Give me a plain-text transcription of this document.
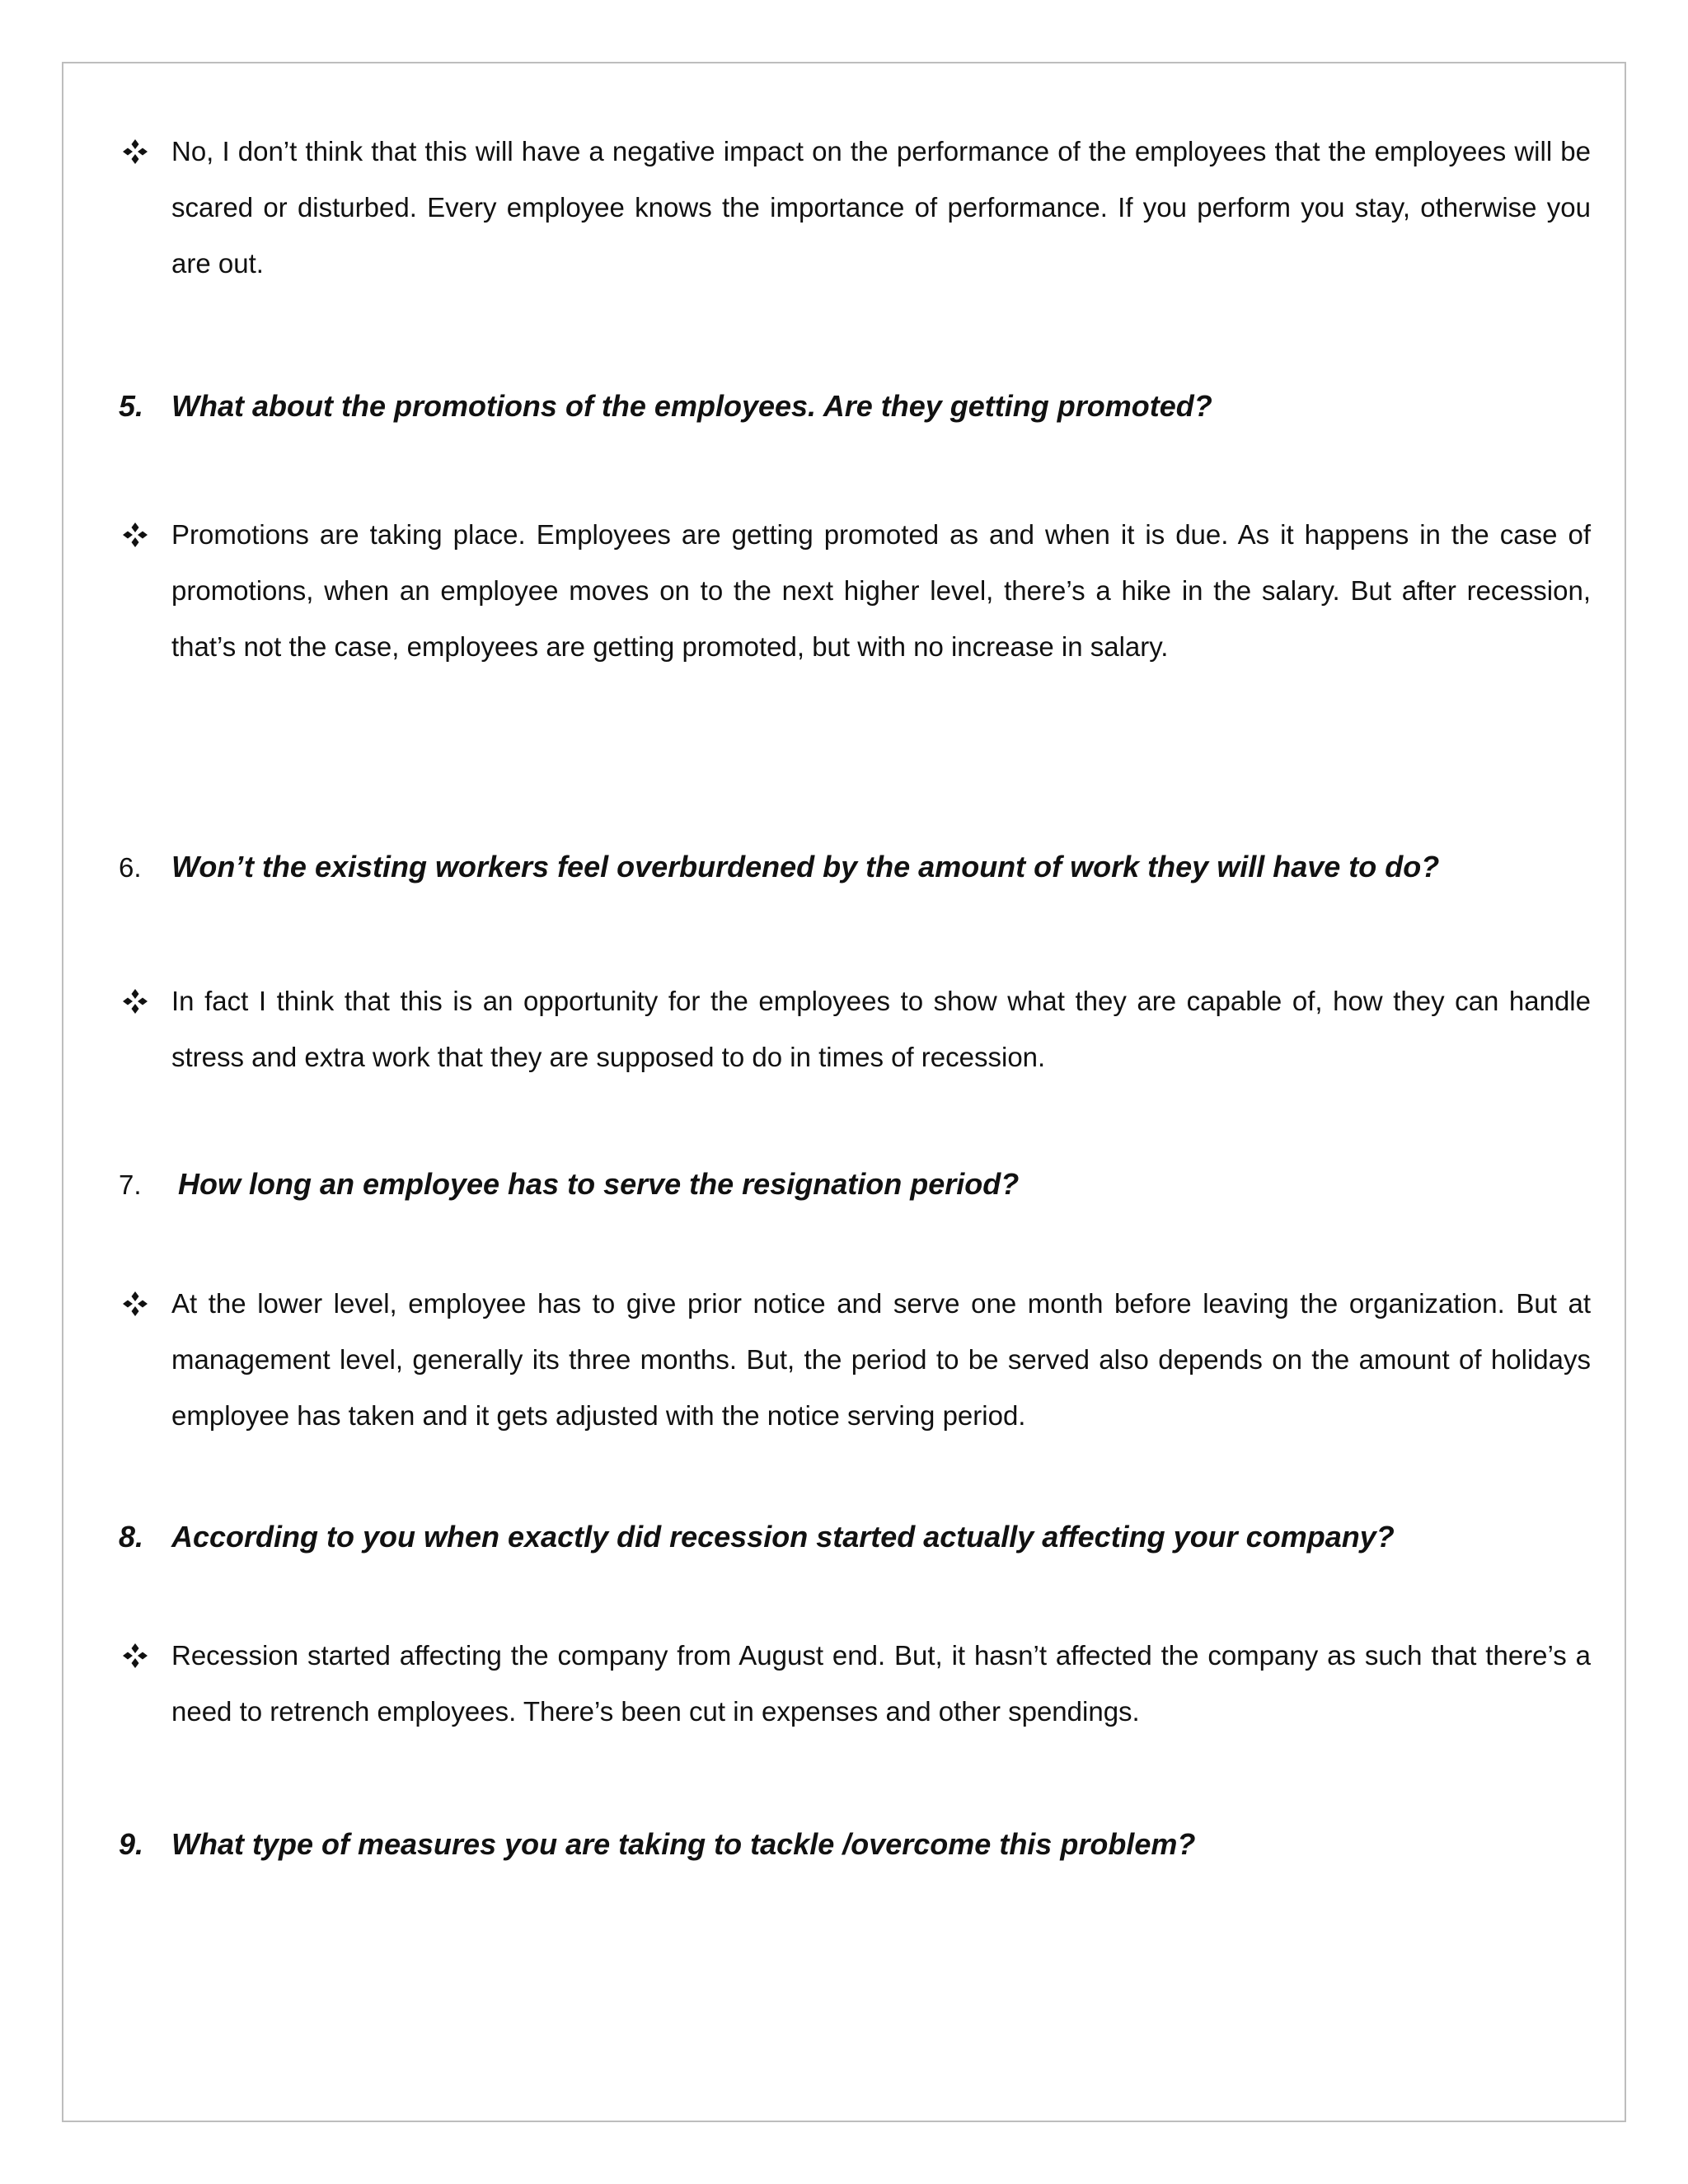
No, I don’t think that this will have a negative impact on the performance of the employees that the employees will be scared or disturbed. Every employee knows the importance of performance. If you perform you stay, otherwise you are out.
5. What about the promotions of the employees. Are they getting promoted?
Promotions are taking place. Employees are getting promoted as and when it is due. As it happens in the case of promotions, when an employee moves on to the next higher level, there’s a hike in the salary. But after recession, that’s not the case, employees are getting promoted, but with no increase in salary.
6.	Won’t the existing workers feel overburdened by the amount of work they will have to do?
In fact I think that this is an opportunity for the employees to show what they are capable of, how they can handle stress and extra work that they are supposed to do in times of recession.
7.	How long an employee has to serve the resignation period?
At the lower level, employee has to give prior notice and serve one month before leaving the organization. But at management level, generally its three months. But, the period to be served also depends on the amount of holidays employee has taken and it gets adjusted with the notice serving period.
8. According to you when exactly did recession started actually affecting your company?
Recession started affecting the company from August end. But, it hasn’t affected the company as such that there’s a need to retrench employees. There’s been cut in expenses and other spendings.
9. What type of measures you are taking to tackle /overcome this problem?
